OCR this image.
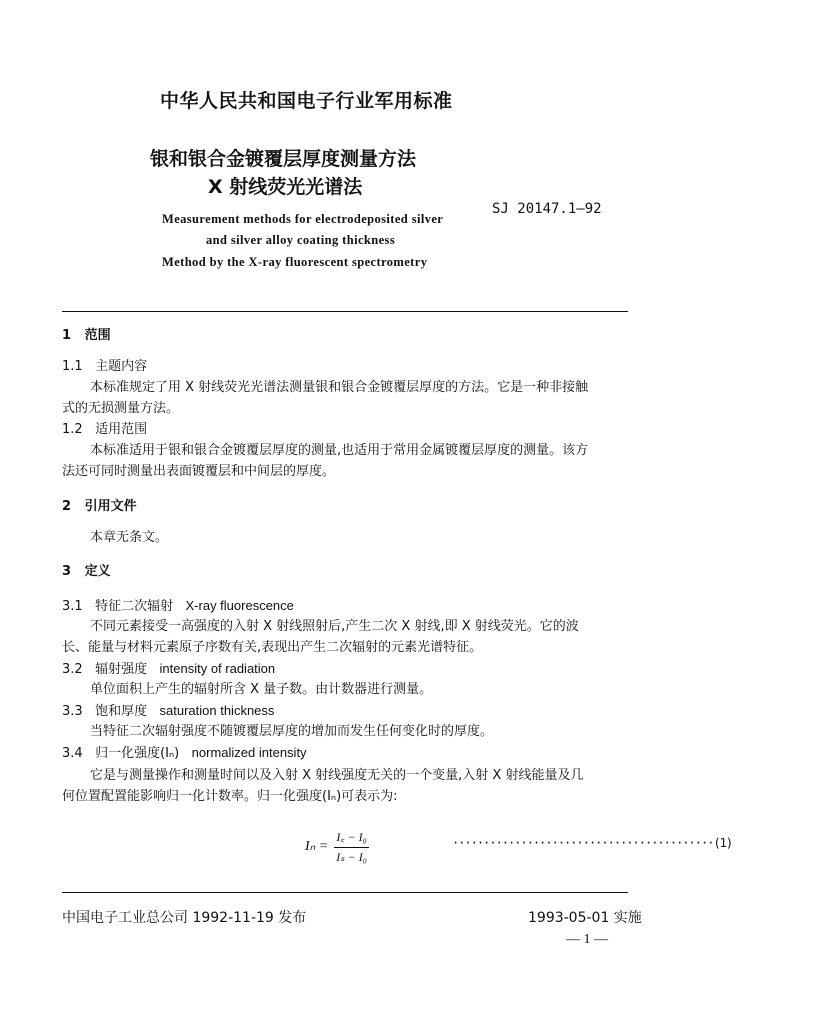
中华人民共和国电子行业军用标准
银和银合金镀覆层厚度测量方法
X 射线荧光光谱法
SJ 20147.1—92
Measurement methods for electrodeposited silver
and silver alloy coating thickness
Method by the X-ray fluorescent spectrometry
1 范围
1.1 主题内容
本标准规定了用 X 射线荧光光谱法测量银和银合金镀覆层厚度的方法。它是一种非接触
式的无损测量方法。
1.2 适用范围
本标准适用于银和银合金镀覆层厚度的测量,也适用于常用金属镀覆层厚度的测量。该方
法还可同时测量出表面镀覆层和中间层的厚度。
2 引用文件
本章无条文。
3 定义
3.1 特征二次辐射 X-ray fluorescence
不同元素接受一高强度的入射 X 射线照射后,产生二次 X 射线,即 X 射线荧光。它的波
长、能量与材料元素原子序数有关,表现出产生二次辐射的元素光谱特征。
3.2 辐射强度 intensity of radiation
单位面积上产生的辐射所含 X 量子数。由计数器进行测量。
3.3 饱和厚度 saturation thickness
当特征二次辐射强度不随镀覆层厚度的增加而发生任何变化时的厚度。
3.4 归一化强度(Iₙ) normalized intensity
它是与测量操作和测量时间以及入射 X 射线强度无关的一个变量,入射 X 射线能量及几
何位置配置能影响归一化计数率。归一化强度(Iₙ)可表示为:
$I_n = \frac{\text{I꜀ − I₀}}{\text{Iₛ − I₀}}$	··········································(1)
中国电子工业总公司 1992-11-19 发布	1993-05-01 实施
— 1 —
